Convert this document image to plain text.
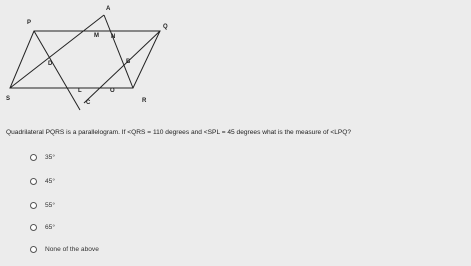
A
P
Q
M N
D	B
S
L	O
R
C
Quadrilateral PQRS is a parallelogram. If <QRS = 110 degrees and <SPL = 45 degrees what is the measure of <LPQ?
35°
45°
55°
65°
None of the above
